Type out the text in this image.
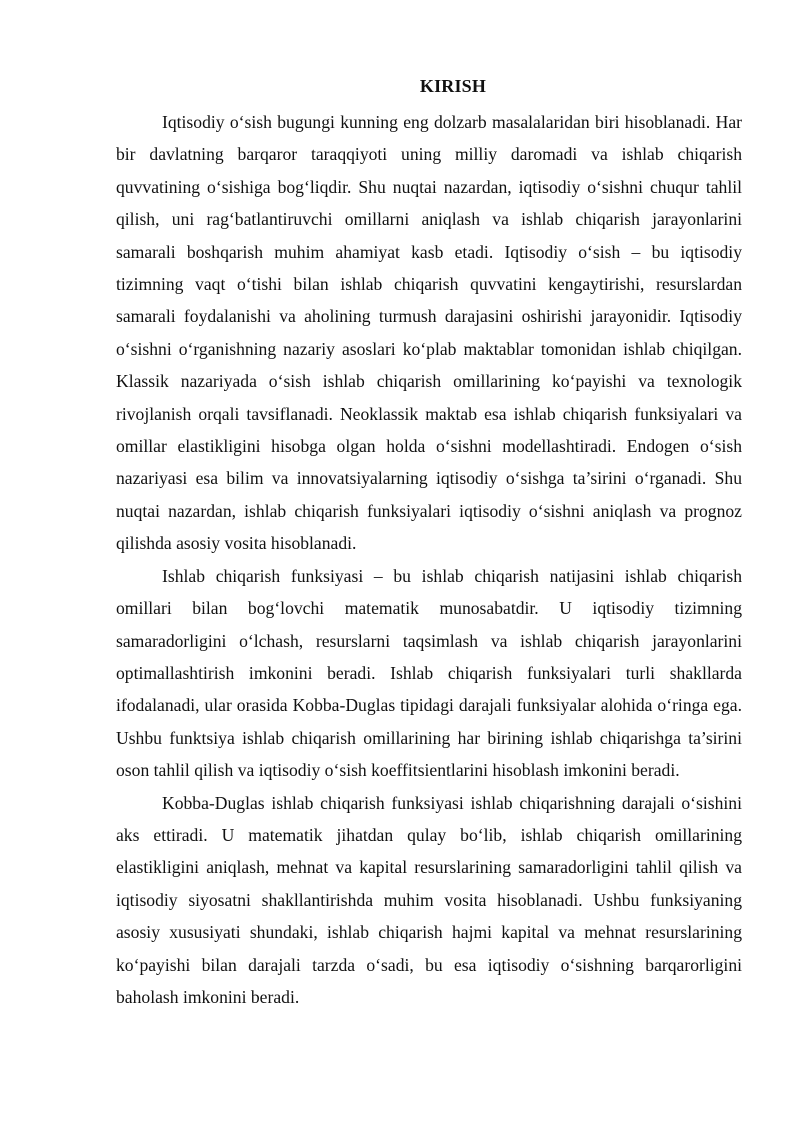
KIRISH

Iqtisodiy o‘sish bugungi kunning eng dolzarb masalalaridan biri hisoblanadi. Har bir davlatning barqaror taraqqiyoti uning milliy daromadi va ishlab chiqarish quvvatining o‘sishiga bog‘liqdir. Shu nuqtai nazardan, iqtisodiy o‘sishni chuqur tahlil qilish, uni rag‘batlantiruvchi omillarni aniqlash va ishlab chiqarish jarayonlarini samarali boshqarish muhim ahamiyat kasb etadi. Iqtisodiy o‘sish – bu iqtisodiy tizimning vaqt o‘tishi bilan ishlab chiqarish quvvatini kengaytirishi, resurslardan samarali foydalanishi va aholining turmush darajasini oshirishi jarayonidir. Iqtisodiy o‘sishni o‘rganishning nazariy asoslari ko‘plab maktablar tomonidan ishlab chiqilgan. Klassik nazariyada o‘sish ishlab chiqarish omillarining ko‘payishi va texnologik rivojlanish orqali tavsiflanadi. Neoklassik maktab esa ishlab chiqarish funksiyalari va omillar elastikligini hisobga olgan holda o‘sishni modellashtiradi. Endogen o‘sish nazariyasi esa bilim va innovatsiyalarning iqtisodiy o‘sishga ta’sirini o‘rganadi. Shu nuqtai nazardan, ishlab chiqarish funksiyalari iqtisodiy o‘sishni aniqlash va prognoz qilishda asosiy vosita hisoblanadi.

Ishlab chiqarish funksiyasi – bu ishlab chiqarish natijasini ishlab chiqarish omillari bilan bog‘lovchi matematik munosabatdir. U iqtisodiy tizimning samaradorligini o‘lchash, resurslarni taqsimlash va ishlab chiqarish jarayonlarini optimallashtirish imkonini beradi. Ishlab chiqarish funksiyalari turli shakllarda ifodalanadi, ular orasida Kobba-Duglas tipidagi darajali funksiyalar alohida o‘ringa ega. Ushbu funktsiya ishlab chiqarish omillarining har birining ishlab chiqarishga ta’sirini oson tahlil qilish va iqtisodiy o‘sish koeffitsientlarini hisoblash imkonini beradi.

Kobba-Duglas ishlab chiqarish funksiyasi ishlab chiqarishning darajali o‘sishini aks ettiradi. U matematik jihatdan qulay bo‘lib, ishlab chiqarish omillarining elastikligini aniqlash, mehnat va kapital resurslarining samaradorligini tahlil qilish va iqtisodiy siyosatni shakllantirishda muhim vosita hisoblanadi. Ushbu funksiyaning asosiy xususiyati shundaki, ishlab chiqarish hajmi kapital va mehnat resurslarining ko‘payishi bilan darajali tarzda o‘sadi, bu esa iqtisodiy o‘sishning barqarorligini baholash imkonini beradi.
